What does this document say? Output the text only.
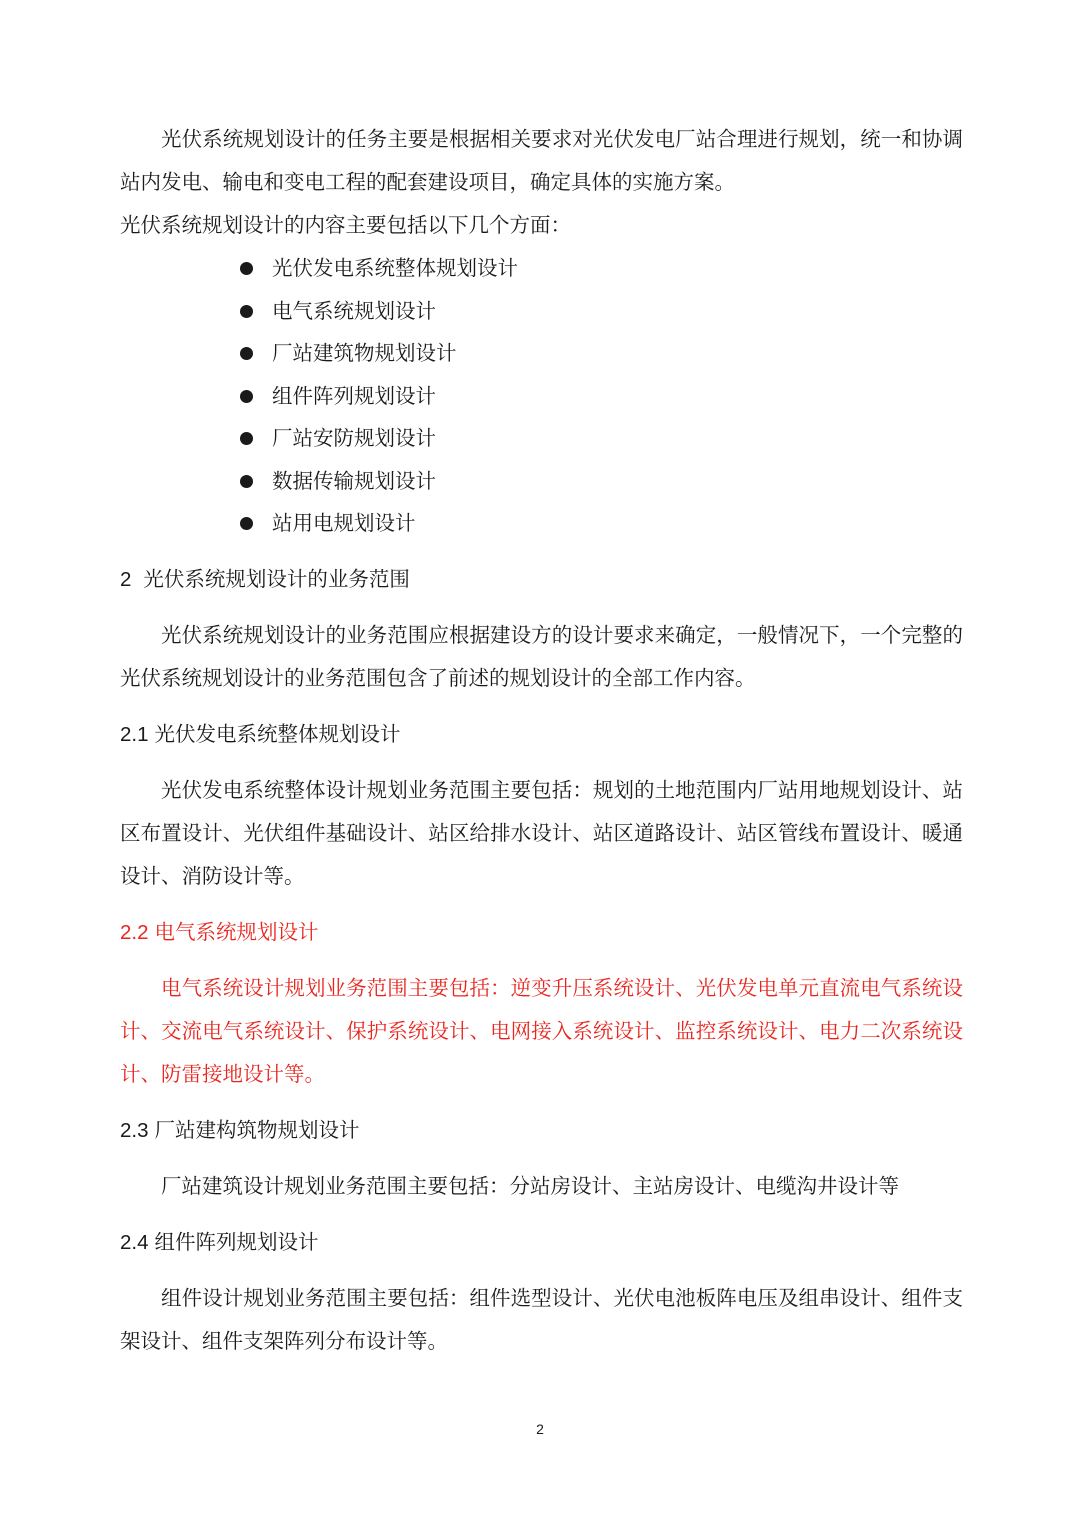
光伏系统规划设计的任务主要是根据相关要求对光伏发电厂站合理进行规划，统一和协调站内发电、输电和变电工程的配套建设项目，确定具体的实施方案。

光伏系统规划设计的内容主要包括以下几个方面：

光伏发电系统整体规划设计
电气系统规划设计
厂站建筑物规划设计
组件阵列规划设计
厂站安防规划设计
数据传输规划设计
站用电规划设计
2 光伏系统规划设计的业务范围

光伏系统规划设计的业务范围应根据建设方的设计要求来确定，一般情况下，一个完整的光伏系统规划设计的业务范围包含了前述的规划设计的全部工作内容。

2.1 光伏发电系统整体规划设计

光伏发电系统整体设计规划业务范围主要包括：规划的土地范围内厂站用地规划设计、站区布置设计、光伏组件基础设计、站区给排水设计、站区道路设计、站区管线布置设计、暖通设计、消防设计等。

2.2 电气系统规划设计

电气系统设计规划业务范围主要包括：逆变升压系统设计、光伏发电单元直流电气系统设计、交流电气系统设计、保护系统设计、电网接入系统设计、监控系统设计、电力二次系统设计、防雷接地设计等。

2.3 厂站建构筑物规划设计

厂站建筑设计规划业务范围主要包括：分站房设计、主站房设计、电缆沟井设计等

2.4 组件阵列规划设计

组件设计规划业务范围主要包括：组件选型设计、光伏电池板阵电压及组串设计、组件支架设计、组件支架阵列分布设计等。

2
